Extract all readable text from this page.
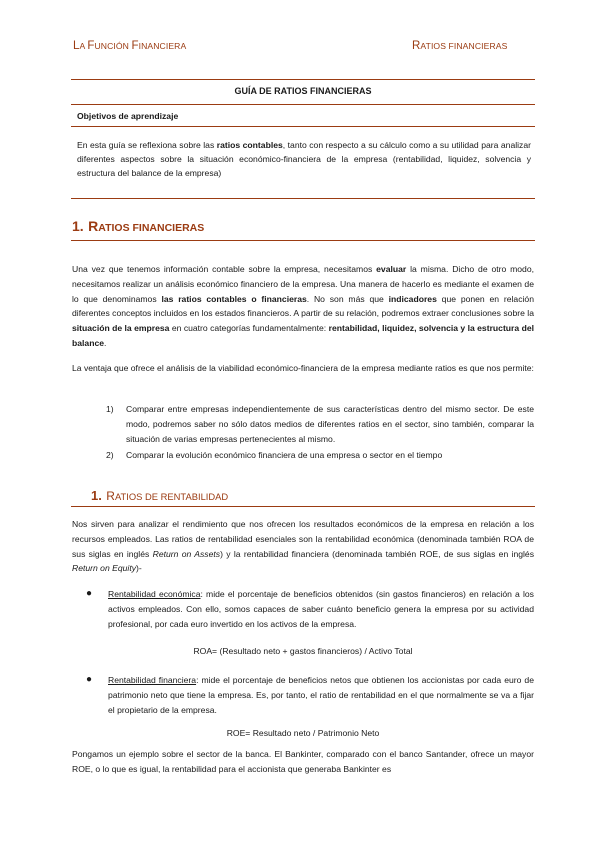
LA FUNCIÓN FINANCIERA	RATIOS FINANCIERAS
GUÍA DE RATIOS FINANCIERAS
Objetivos de aprendizaje
En esta guía se reflexiona sobre las ratios contables, tanto con respecto a su cálculo como a su utilidad para analizar diferentes aspectos sobre la situación económico-financiera de la empresa (rentabilidad, liquidez, solvencia y estructura del balance de la empresa)
1. RATIOS FINANCIERAS
Una vez que tenemos información contable sobre la empresa, necesitamos evaluar la misma. Dicho de otro modo, necesitamos realizar un análisis económico financiero de la empresa. Una manera de hacerlo es mediante el examen de lo que denominamos las ratios contables o financieras. No son más que indicadores que ponen en relación diferentes conceptos incluidos en los estados financieros. A partir de su relación, podremos extraer conclusiones sobre la situación de la empresa en cuatro categorías fundamentalmente: rentabilidad, liquidez, solvencia y la estructura del balance.
La ventaja que ofrece el análisis de la viabilidad económico-financiera de la empresa mediante ratios es que nos permite:
1) Comparar entre empresas independientemente de sus características dentro del mismo sector. De este modo, podremos saber no sólo datos medios de diferentes ratios en el sector, sino también, comparar la situación de varias empresas pertenecientes al mismo.
2) Comparar la evolución económico financiera de una empresa o sector en el tiempo
1. RATIOS DE RENTABILIDAD
Nos sirven para analizar el rendimiento que nos ofrecen los resultados económicos de la empresa en relación a los recursos empleados. Las ratios de rentabilidad esenciales son la rentabilidad económica (denominada también ROA de sus siglas en inglés Return on Assets) y la rentabilidad financiera (denominada también ROE, de sus siglas en inglés Return on Equity)-
● Rentabilidad económica: mide el porcentaje de beneficios obtenidos (sin gastos financieros) en relación a los activos empleados. Con ello, somos capaces de saber cuánto beneficio genera la empresa por su actividad profesional, por cada euro invertido en los activos de la empresa.
ROA= (Resultado neto + gastos financieros) / Activo Total
● Rentabilidad financiera: mide el porcentaje de beneficios netos que obtienen los accionistas por cada euro de patrimonio neto que tiene la empresa. Es, por tanto, el ratio de rentabilidad en el que normalmente se va a fijar el propietario de la empresa.
ROE= Resultado neto / Patrimonio Neto
Pongamos un ejemplo sobre el sector de la banca. El Bankinter, comparado con el banco Santander, ofrece un mayor ROE, o lo que es igual, la rentabilidad para el accionista que generaba Bankinter es
